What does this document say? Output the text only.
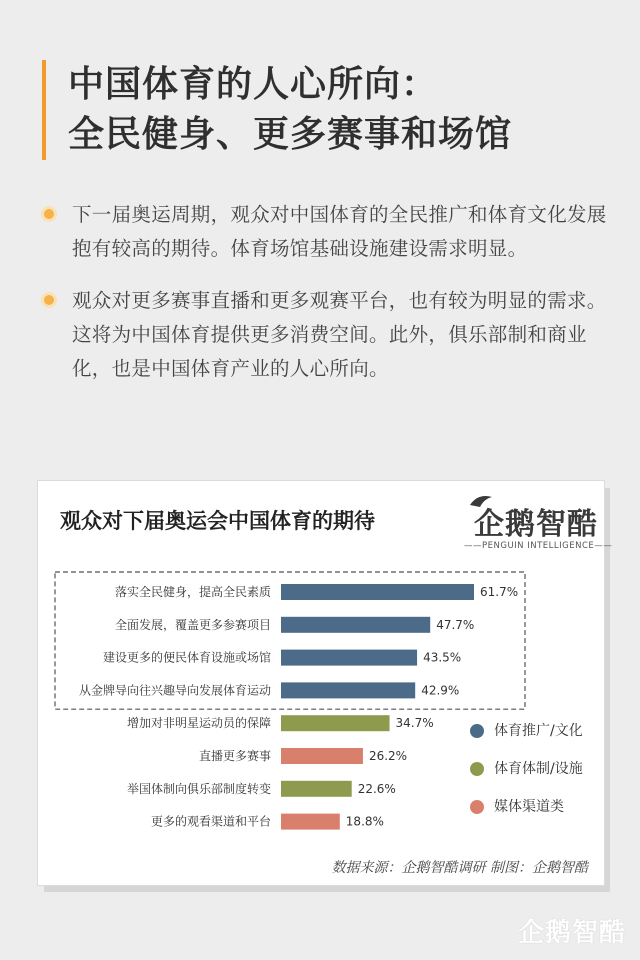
中国体育的人心所向：
全民健身、更多赛事和场馆
下一届奥运周期，观众对中国体育的全民推广和体育文化发展抱有较高的期待。体育场馆基础设施建设需求明显。
观众对更多赛事直播和更多观赛平台，也有较为明显的需求。这将为中国体育提供更多消费空间。此外，俱乐部制和商业化，也是中国体育产业的人心所向。
观众对下届奥运会中国体育的期待	企鹅智酷
——PENGUIN INTELLIGENCE——
落实全民健身，提高全民素质	61.7%
全面发展，覆盖更多参赛项目	47.7%
建设更多的便民体育设施或场馆	43.5%
从金牌导向往兴趣导向发展体育运动	42.9%
增加对非明星运动员的保障	34.7%
直播更多赛事	26.2%
举国体制向俱乐部制度转变	22.6%
更多的观看渠道和平台	18.8%
体育推广/文化
体育体制/设施
媒体渠道类
数据来源：企鹅智酷调研 制图：企鹅智酷
企鹅智酷
